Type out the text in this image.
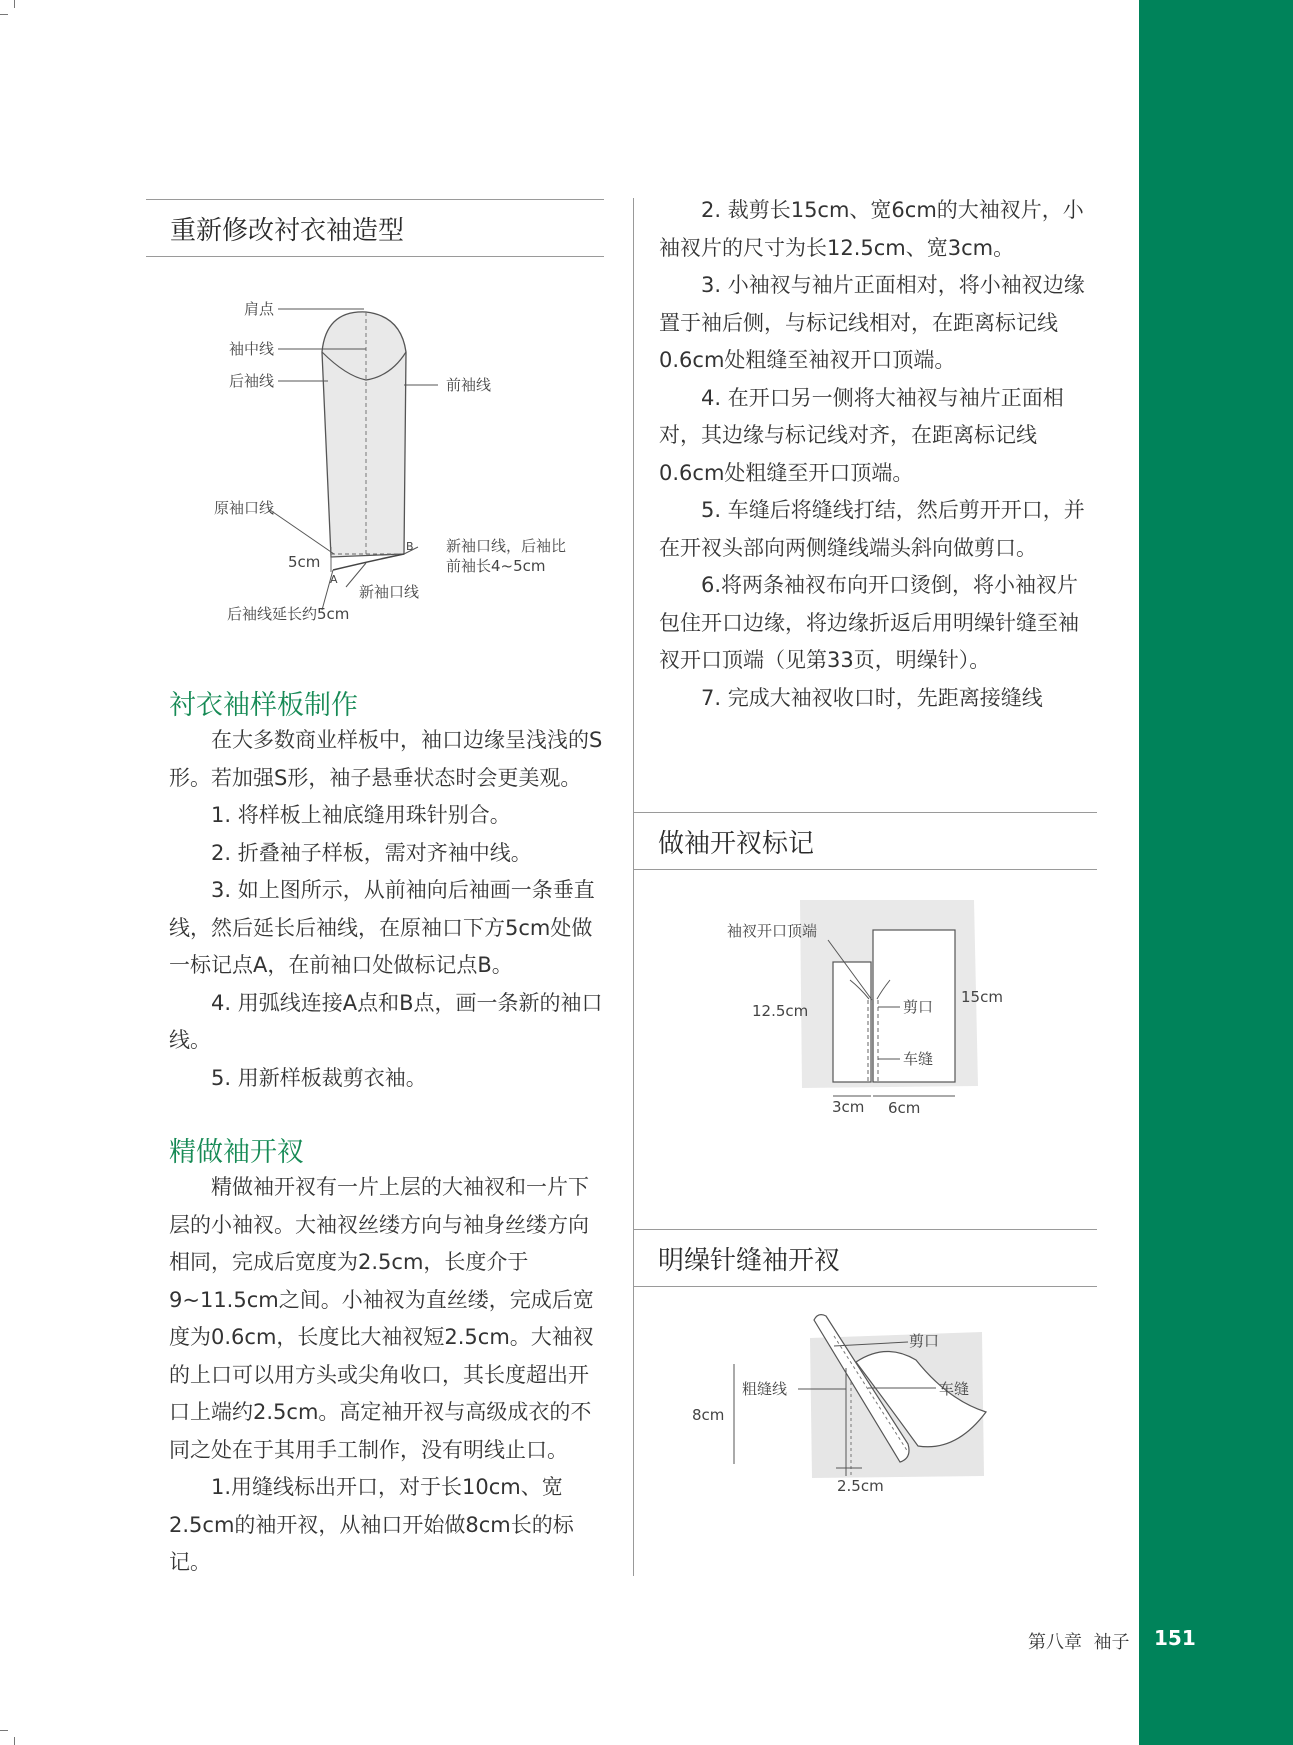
重新修改衬衣袖造型
肩点
袖中线
后袖线	前袖线
原袖口线
5cm
A
B 新袖口线，后袖比
前袖长4~5cm
新袖口线
后袖线延长约5cm
衬衣袖样板制作

在大多数商业样板中，袖口边缘呈浅浅的S形。若加强S形，袖子悬垂状态时会更美观。

1. 将样板上袖底缝用珠针别合。

2. 折叠袖子样板，需对齐袖中线。

3. 如上图所示，从前袖向后袖画一条垂直线，然后延长后袖线，在原袖口下方5cm处做一标记点A，在前袖口处做标记点B。

4. 用弧线连接A点和B点，画一条新的袖口线。

5. 用新样板裁剪衣袖。

精做袖开衩

精做袖开衩有一片上层的大袖衩和一片下层的小袖衩。大袖衩丝缕方向与袖身丝缕方向相同，完成后宽度为2.5cm，长度介于9~11.5cm之间。小袖衩为直丝缕，完成后宽度为0.6cm，长度比大袖衩短2.5cm。大袖衩的上口可以用方头或尖角收口，其长度超出开口上端约2.5cm。高定袖开衩与高级成衣的不同之处在于其用手工制作，没有明线止口。

1.用缝线标出开口，对于长10cm、宽2.5cm的袖开衩，从袖口开始做8cm长的标记。

2. 裁剪长15cm、宽6cm的大袖衩片，小袖衩片的尺寸为长12.5cm、宽3cm。

3. 小袖衩与袖片正面相对，将小袖衩边缘置于袖后侧，与标记线相对，在距离标记线0.6cm处粗缝至袖衩开口顶端。

4. 在开口另一侧将大袖衩与袖片正面相对，其边缘与标记线对齐，在距离标记线0.6cm处粗缝至开口顶端。

5. 车缝后将缝线打结，然后剪开开口，并在开衩头部向两侧缝线端头斜向做剪口。

6.将两条袖衩布向开口烫倒，将小袖衩片包住开口边缘，将边缘折返后用明缲针缝至袖衩开口顶端（见第33页，明缲针）。

7. 完成大袖衩收口时，先距离接缝线

做袖开衩标记
袖衩开口顶端
12.5cm
15cm
剪口
车缝
3cm 6cm
明缲针缝袖开衩
剪口
粗缝线	车缝
8cm
2.5cm
第八章  袖子 151
